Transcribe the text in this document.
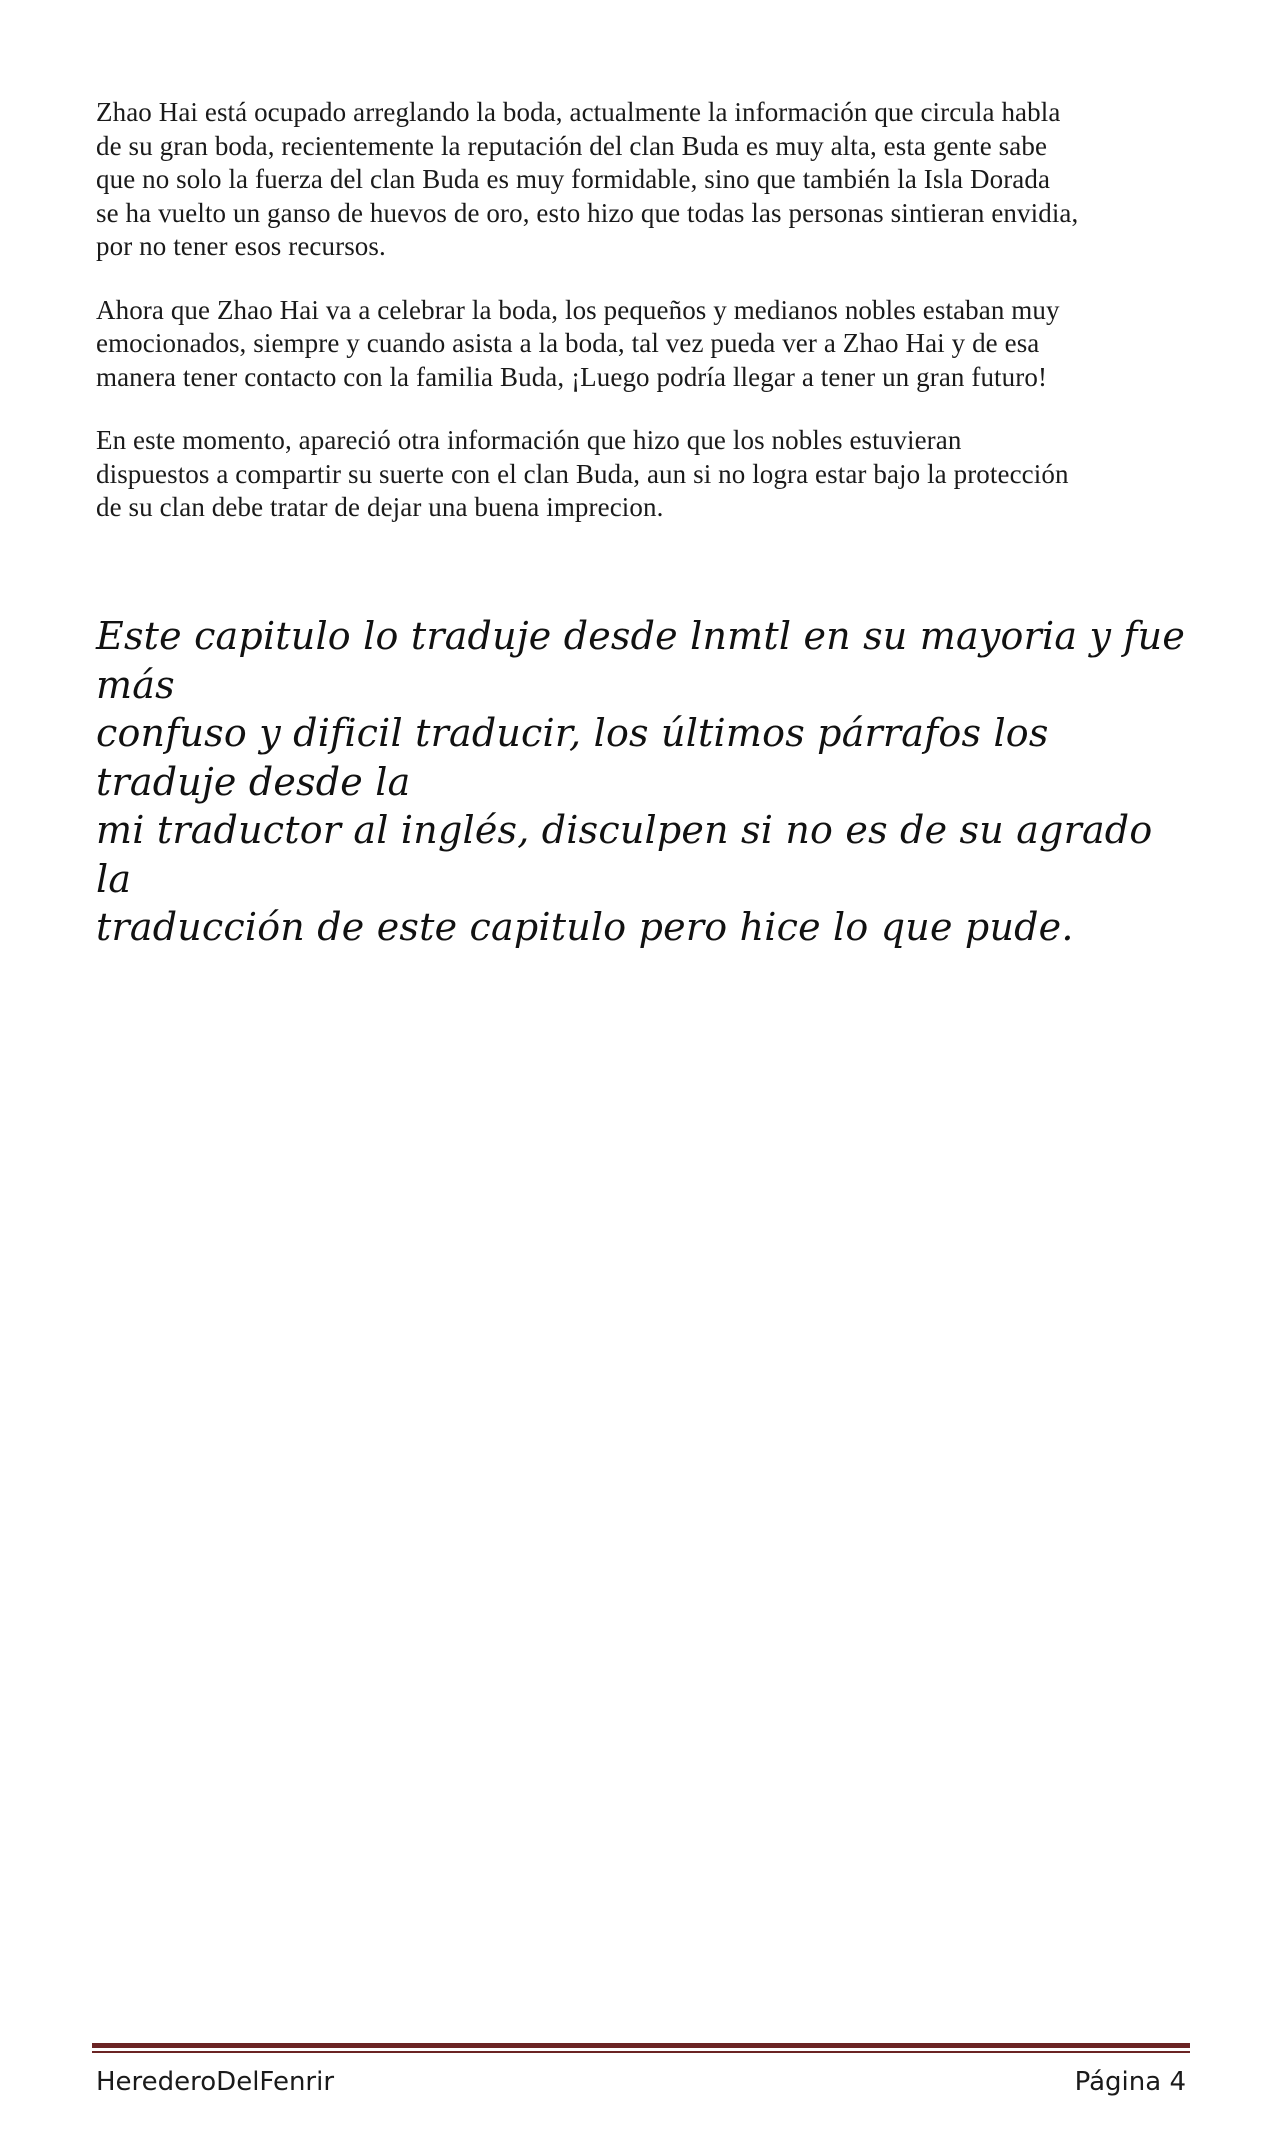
Zhao Hai está ocupado arreglando la boda, actualmente la información que circula habla
de su gran boda, recientemente la reputación del clan Buda es muy alta, esta gente sabe
que no solo la fuerza del clan Buda es muy formidable, sino que también la Isla Dorada
se ha vuelto un ganso de huevos de oro, esto hizo que todas las personas sintieran envidia,
por no tener esos recursos.

Ahora que Zhao Hai va a celebrar la boda, los pequeños y medianos nobles estaban muy
emocionados, siempre y cuando asista a la boda, tal vez pueda ver a Zhao Hai y de esa
manera tener contacto con la familia Buda, ¡Luego podría llegar a tener un gran futuro!

En este momento, apareció otra información que hizo que los nobles estuvieran
dispuestos a compartir su suerte con el clan Buda, aun si no logra estar bajo la protección
de su clan debe tratar de dejar una buena imprecion.

Este capitulo lo traduje desde lnmtl en su mayoria y fue más
confuso y dificil traducir, los últimos párrafos los traduje desde la
mi traductor al inglés, disculpen si no es de su agrado la
traducción de este capitulo pero hice lo que pude.

HerederoDelFenrir	Página 4
